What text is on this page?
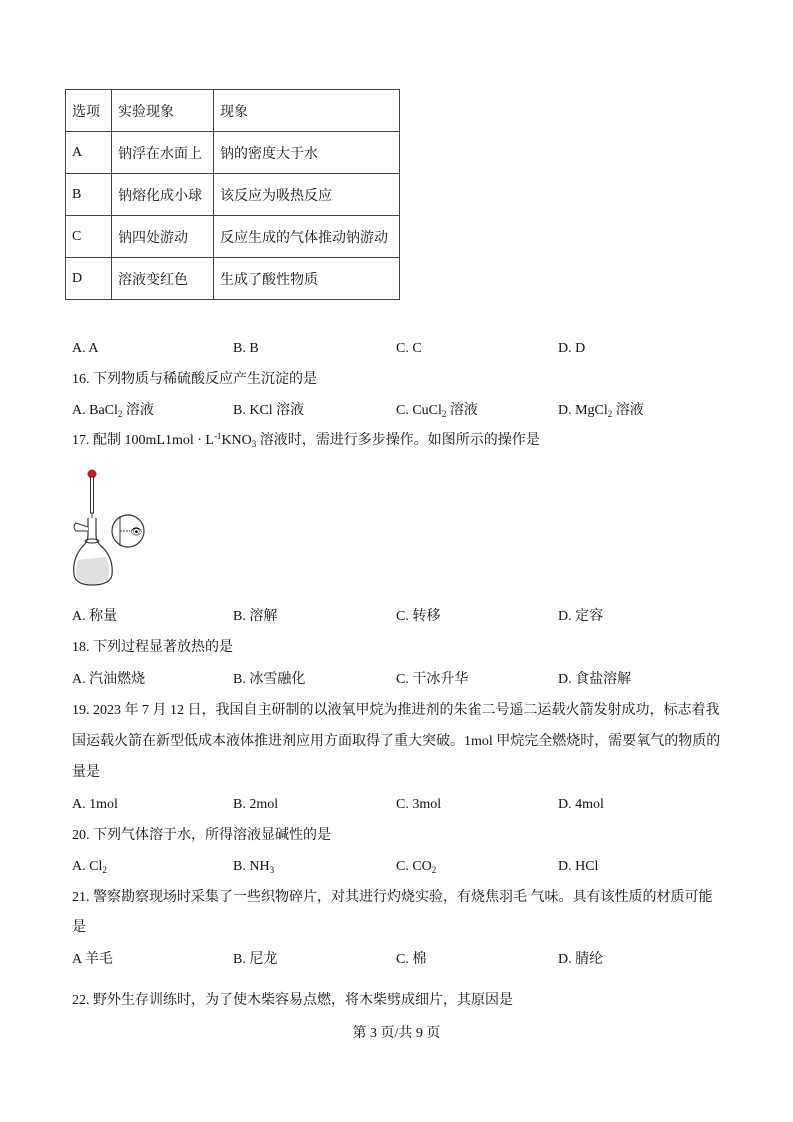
选项	实验现象	现象
A	钠浮在水面上	钠的密度大于水
B	钠熔化成小球	该反应为吸热反应
C	钠四处游动	反应生成的气体推动钠游动
D	溶液变红色	生成了酸性物质
A. A	B. B	C. C	D. D
16. 下列物质与稀硫酸反应产生沉淀的是
A. BaCl$_2$ 溶液	B. KCl 溶液	C. CuCl$_2$ 溶液	D. MgCl$_2$ 溶液
17. 配制 $100mL1mol \cdot L^{-1}KNO_3$ 溶液时，需进行多步操作。如图所示的操作是
👁
A. 称量	B. 溶解	C. 转移	D. 定容
18. 下列过程显著放热的是
A. 汽油燃烧	B. 冰雪融化	C. 干冰升华	D. 食盐溶解
19. 2023 年 7 月 12 日，我国自主研制的以液氧甲烷为推进剂的朱雀二号遥二运载火箭发射成功，标志着我
国运载火箭在新型低成本液体推进剂应用方面取得了重大突破。1mol 甲烷完全燃烧时，需要氧气的物质的
量是
A. 1mol	B. 2mol	C. 3mol	D. 4mol
20. 下列气体溶于水，所得溶液显碱性的是
A. $Cl_2$	B. $NH_3$	C. $CO_2$	D. HCl
21. 警察勘察现场时采集了一些织物碎片，对其进行灼烧实验，有烧焦羽毛 气味。具有该性质的材质可能
是
A 羊毛	B. 尼龙	C. 棉	D. 腈纶
22. 野外生存训练时，为了使木柴容易点燃，将木柴劈成细片，其原因是
第 3 页/共 9 页
